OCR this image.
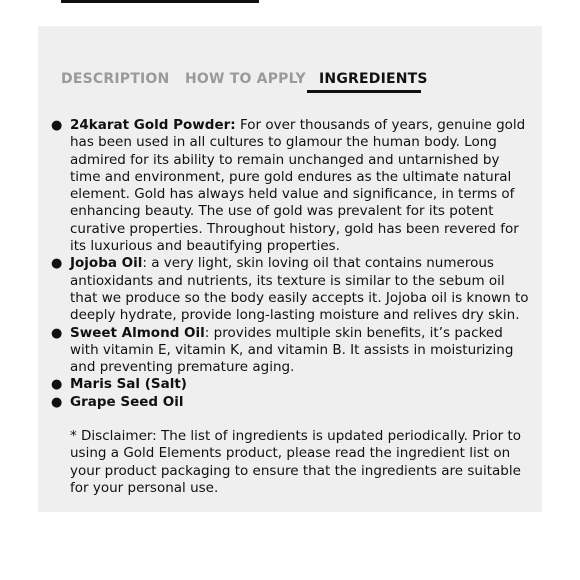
DESCRIPTION HOW TO APPLY INGREDIENTS
● 24karat Gold Powder: For over thousands of years, genuine gold has been used in all cultures to glamour the human body. Long admired for its ability to remain unchanged and untarnished by time and environment, pure gold endures as the ultimate natural element. Gold has always held value and significance, in terms of enhancing beauty. The use of gold was prevalent for its potent curative properties. Throughout history, gold has been revered for its luxurious and beautifying properties.
● Jojoba Oil: a very light, skin loving oil that contains numerous antioxidants and nutrients, its texture is similar to the sebum oil that we produce so the body easily accepts it. Jojoba oil is known to deeply hydrate, provide long-lasting moisture and relives dry skin.
● Sweet Almond Oil: provides multiple skin benefits, it’s packed with vitamin E, vitamin K, and vitamin B. It assists in moisturizing and preventing premature aging.
● Maris Sal (Salt)
● Grape Seed Oil
* Disclaimer: The list of ingredients is updated periodically. Prior to using a Gold Elements product, please read the ingredient list on your product packaging to ensure that the ingredients are suitable for your personal use.
